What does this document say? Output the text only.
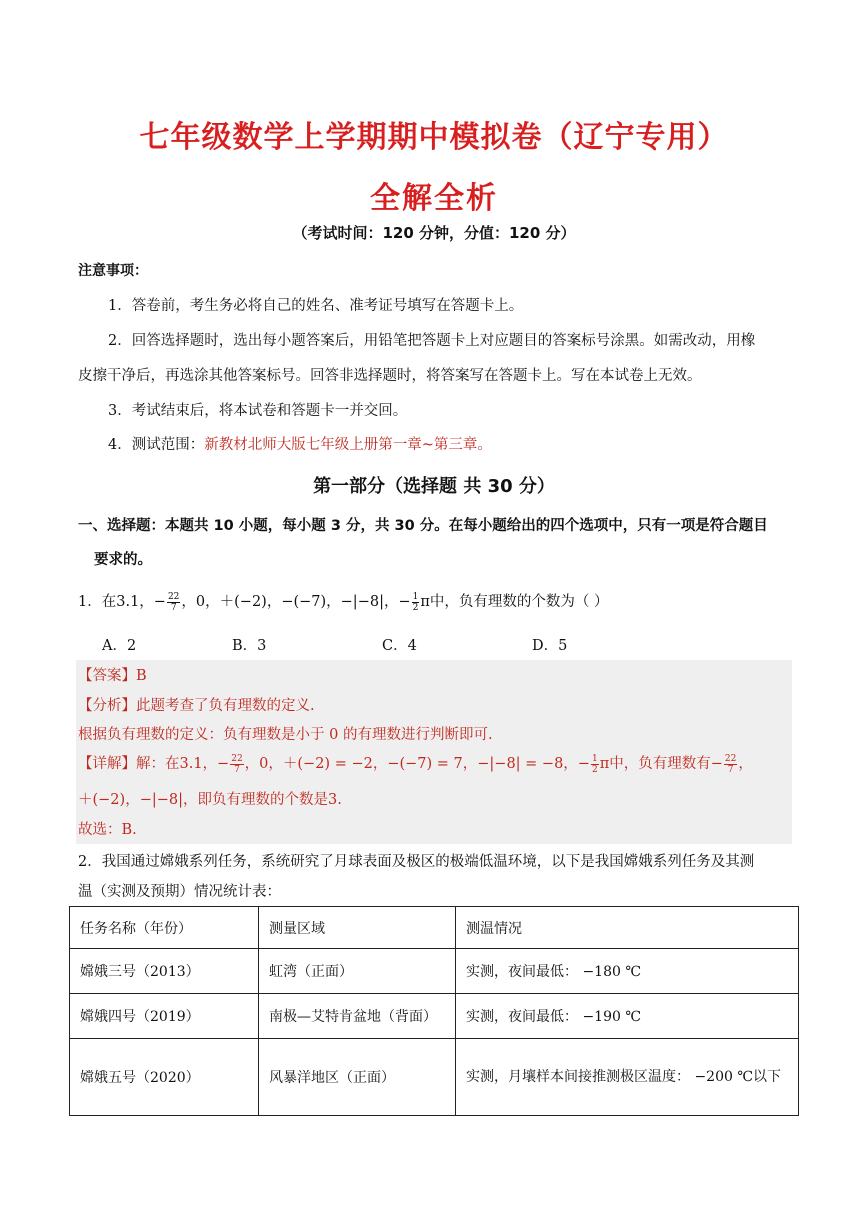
七年级数学上学期期中模拟卷（辽宁专用）
全解全析
（考试时间：120 分钟，分值：120 分）
注意事项：
1．答卷前，考生务必将自己的姓名、准考证号填写在答题卡上。
2．回答选择题时，选出每小题答案后，用铅笔把答题卡上对应题目的答案标号涂黑。如需改动，用橡
皮擦干净后，再选涂其他答案标号。回答非选择题时，将答案写在答题卡上。写在本试卷上无效。
3．考试结束后，将本试卷和答题卡一并交回。
4．测试范围：新教材北师大版七年级上册第一章~第三章。
第一部分（选择题 共 30 分）
一、选择题：本题共 10 小题，每小题 3 分，共 30 分。在每小题给出的四个选项中，只有一项是符合题目
要求的。
1．在3.1，− $\frac{22}{7}$ ，0，＋(−2)，−(−7)，−|−8|，− $\frac{1}{2}$ π中，负有理数的个数为（ ）
A．2	B．3	C．4	D．5
【答案】B
【分析】此题考查了负有理数的定义.
根据负有理数的定义：负有理数是小于 0 的有理数进行判断即可.
【详解】解：在3.1，− $\frac{22}{7}$ ，0，＋(−2) = −2，−(−7) = 7，−|−8| = −8，− $\frac{1}{2}$ π中，负有理数有− $\frac{22}{7}$ ，
＋(−2)，−|−8|，即负有理数的个数是3.
故选：B.
2．我国通过嫦娥系列任务，系统研究了月球表面及极区的极端低温环境，以下是我国嫦娥系列任务及其测
温（实测及预期）情况统计表：
任务名称（年份）	测量区域	测温情况
嫦娥三号（2013）	虹湾（正面）	实测，夜间最低： −180 ℃
嫦娥四号（2019）	南极—艾特肯盆地（背面）	实测，夜间最低： −190 ℃
嫦娥五号（2020）	风暴洋地区（正面）	实测，月壤样本间接推测极区温度： −200 ℃以下
